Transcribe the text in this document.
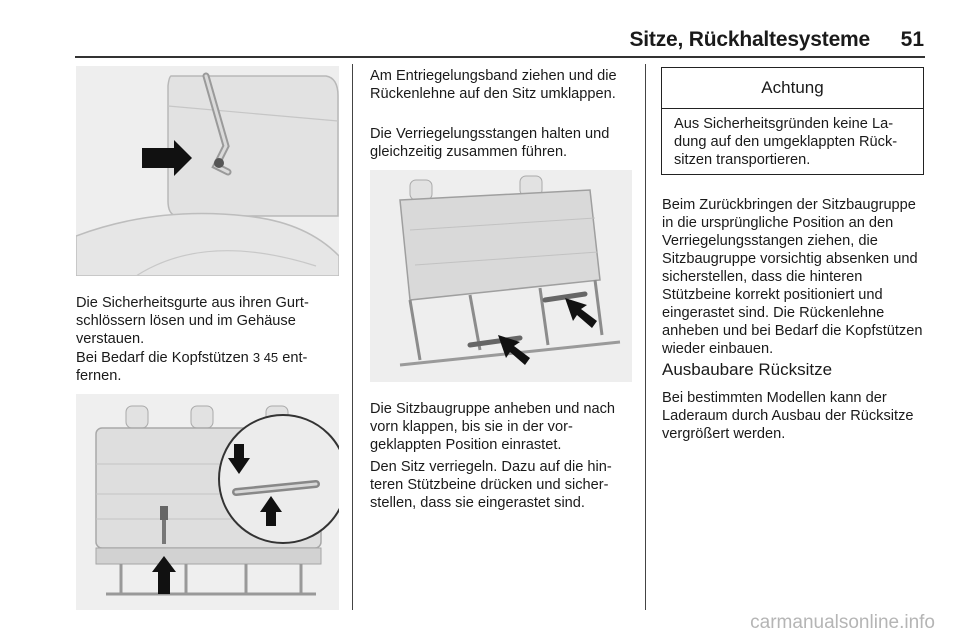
Sitze, Rückhaltesysteme	51

Die Sicherheitsgurte aus ihren Gurtschlössern lösen und im Gehäuse verstauen.

Bei Bedarf die Kopfstützen 3 45 entfernen.

Am Entriegelungsband ziehen und die Rückenlehne auf den Sitz umklappen.

Die Verriegelungsstangen halten und gleichzeitig zusammen führen.

Die Sitzbaugruppe anheben und nach vorn klappen, bis sie in der vorgeklappten Position einrastet.

Den Sitz verriegeln. Dazu auf die hinteren Stützbeine drücken und sicherstellen, dass sie eingerastet sind.

Achtung
Aus Sicherheitsgründen keine Ladung auf den umgeklappten Rücksitzen transportieren.

Beim Zurückbringen der Sitzbaugruppe in die ursprüngliche Position an den Verriegelungsstangen ziehen, die Sitzbaugruppe vorsichtig absenken und sicherstellen, dass die hinteren Stützbeine korrekt positioniert und eingerastet sind. Die Rückenlehne anheben und bei Bedarf die Kopfstützen wieder einbauen.

Ausbaubare Rücksitze

Bei bestimmten Modellen kann der Laderaum durch Ausbau der Rücksitze vergrößert werden.

carmanualsonline.info
